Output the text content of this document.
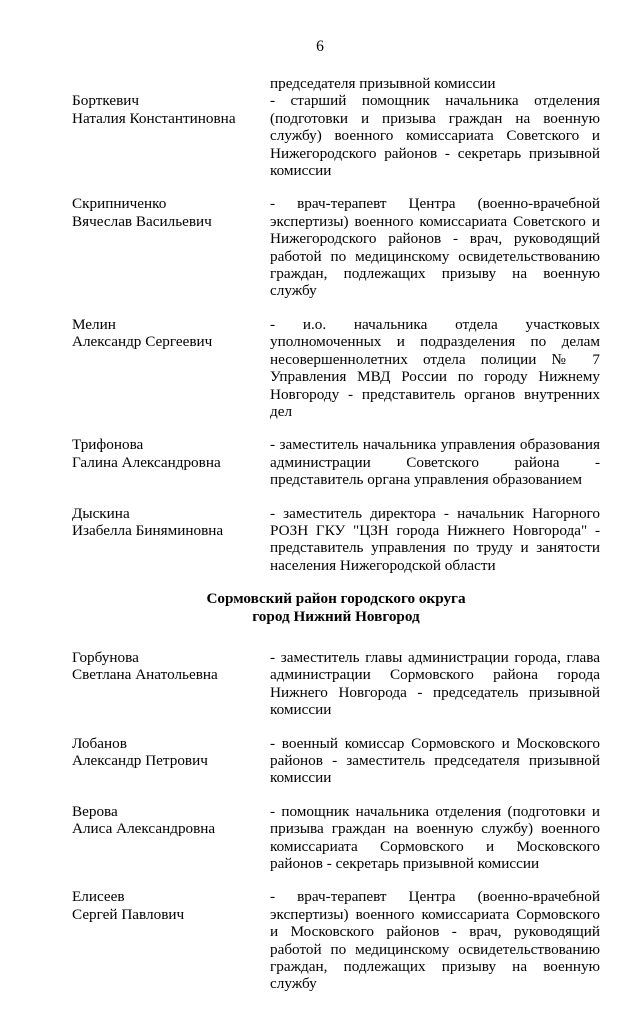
6
председателя призывной комиссии
Борткевич
Наталия Константиновна
- старший помощник начальника отделения (подготовки и призыва граждан на военную службу) военного комиссариата Советского и Нижегородского районов - секретарь призывной комиссии
Скрипниченко
Вячеслав Васильевич
- врач-терапевт Центра (военно-врачебной экспертизы) военного комиссариата Советского и Нижегородского районов - врач, руководящий работой по медицинскому освидетельствованию граждан, подлежащих призыву на военную службу
Мелин
Александр Сергеевич
- и.о. начальника отдела участковых уполномоченных и подразделения по делам несовершеннолетних отдела полиции № 7 Управления МВД России по городу Нижнему Новгороду - представитель органов внутренних дел
Трифонова
Галина Александровна
- заместитель начальника управления образования администрации Советского района - представитель органа управления образованием
Дыскина
Изабелла Биняминовна
- заместитель директора - начальник Нагорного РОЗН ГКУ "ЦЗН города Нижнего Новгорода" - представитель управления по труду и занятости населения Нижегородской области
Сормовский район городского округа
город Нижний Новгород
Горбунова
Светлана Анатольевна
- заместитель главы администрации города, глава администрации Сормовского района города Нижнего Новгорода - председатель призывной комиссии
Лобанов
Александр Петрович
- военный комиссар Сормовского и Московского районов - заместитель председателя призывной комиссии
Верова
Алиса Александровна
- помощник начальника отделения (подготовки и призыва граждан на военную службу) военного комиссариата Сормовского и Московского районов - секретарь призывной комиссии
Елисеев
Сергей Павлович
- врач-терапевт Центра (военно-врачебной экспертизы) военного комиссариата Сормовского и Московского районов - врач, руководящий работой по медицинскому освидетельствованию граждан, подлежащих призыву на военную службу
